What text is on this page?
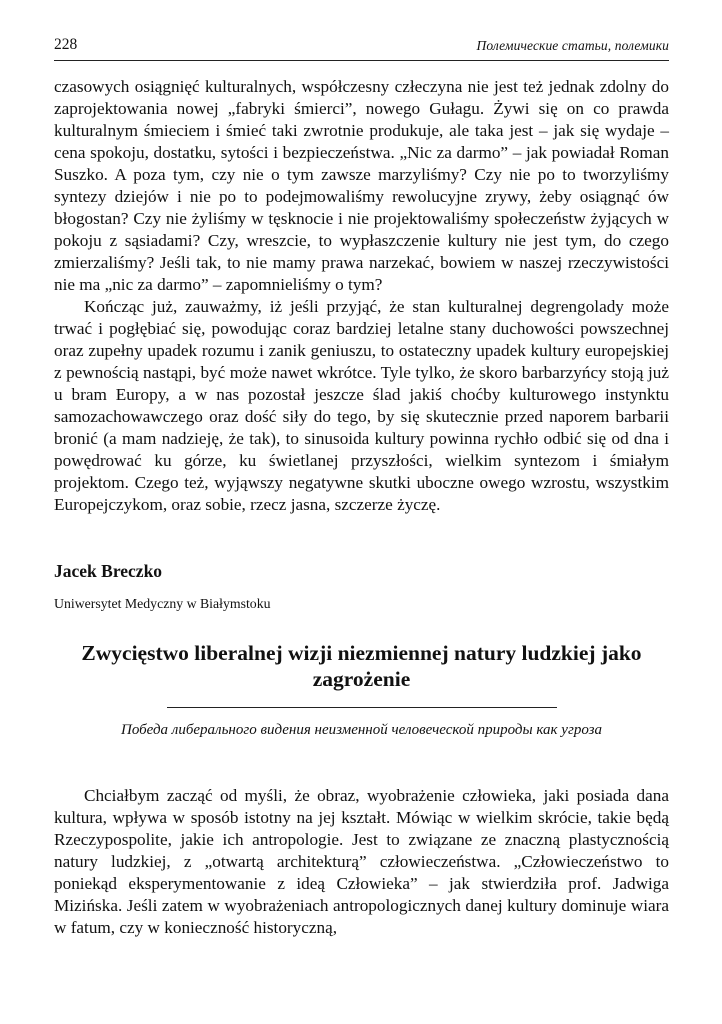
228	Полемические статьи, полемики

czasowych osiągnięć kulturalnych, współczesny człeczyna nie jest też jednak zdolny do zaprojektowania nowej „fabryki śmierci”, nowego Gułagu. Żywi się on co prawda kulturalnym śmieciem i śmieć taki zwrotnie produkuje, ale taka jest – jak się wydaje – cena spokoju, dostatku, sytości i bezpieczeństwa. „Nic za darmo” – jak powiadał Roman Suszko. A poza tym, czy nie o tym zawsze marzyliśmy? Czy nie po to tworzyliśmy syntezy dziejów i nie po to podejmowaliśmy rewolucyjne zrywy, żeby osiągnąć ów błogostan? Czy nie żyliśmy w tęsknocie i nie projektowaliśmy społeczeństw żyjących w pokoju z sąsiadami? Czy, wreszcie, to wypłaszczenie kultury nie jest tym, do czego zmierzaliśmy? Jeśli tak, to nie mamy prawa narzekać, bowiem w naszej rzeczywistości nie ma „nic za darmo” – zapomnieliśmy o tym?

Kończąc już, zauważmy, iż jeśli przyjąć, że stan kulturalnej degrengolady może trwać i pogłębiać się, powodując coraz bardziej letalne stany duchowości powszechnej oraz zupełny upadek rozumu i zanik geniuszu, to ostateczny upadek kultury europejskiej z pewnością nastąpi, być może nawet wkrótce. Tyle tylko, że skoro barbarzyńcy stoją już u bram Europy, a w nas pozostał jeszcze ślad jakiś choćby kulturowego instynktu samozachowawczego oraz dość siły do tego, by się skutecznie przed naporem barbarii bronić (a mam nadzieję, że tak), to sinusoida kultury powinna rychło odbić się od dna i powędrować ku górze, ku świetlanej przyszłości, wielkim syntezom i śmiałym projektom. Czego też, wyjąwszy negatywne skutki uboczne owego wzrostu, wszystkim Europejczykom, oraz sobie, rzecz jasna, szczerze życzę.

Jacek Breczko
Uniwersytet Medyczny w Białymstoku
Zwycięstwo liberalnej wizji niezmiennej natury ludzkiej jako zagrożenie
Победа либерального видения неизменной человеческой природы как угроза

Chciałbym zacząć od myśli, że obraz, wyobrażenie człowieka, jaki posiada dana kultura, wpływa w sposób istotny na jej kształt. Mówiąc w wielkim skrócie, takie będą Rzeczypospolite, jakie ich antropologie. Jest to związane ze znaczną plastycznością natury ludzkiej, z „otwartą architekturą” człowieczeństwa. „Człowieczeństwo to poniekąd eksperymentowanie z ideą Człowieka” – jak stwierdziła prof. Jadwiga Mizińska. Jeśli zatem w wyobrażeniach antropologicznych danej kultury dominuje wiara w fatum, czy w konieczność historyczną,
